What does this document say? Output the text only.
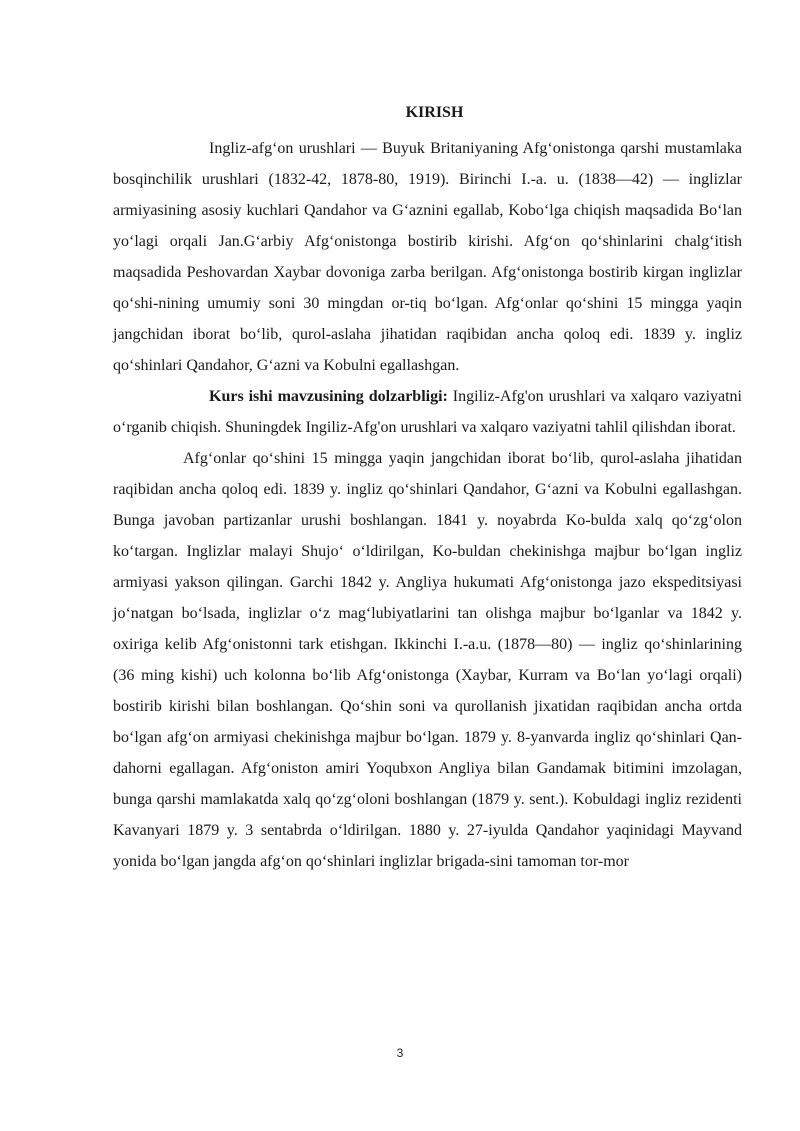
KIRISH

Ingliz-afg‘on urushlari — Buyuk Britaniyaning Afg‘onistonga qarshi mustamlaka bosqinchilik urushlari (1832-42, 1878-80, 1919). Birinchi I.-a. u. (1838—42) — inglizlar armiyasining asosiy kuchlari Qandahor va G‘aznini egallab, Kobo‘lga chiqish maqsadida Bo‘lan yo‘lagi orqali Jan.G‘arbiy Afg‘onistonga bostirib kirishi. Afg‘on qo‘shinlarini chalg‘itish maqsadida Peshovardan Xaybar dovoniga zarba berilgan. Afg‘onistonga bostirib kirgan inglizlar qo‘shi-nining umumiy soni 30 mingdan or-tiq bo‘lgan. Afg‘onlar qo‘shini 15 mingga yaqin jangchidan iborat bo‘lib, qurol-aslaha jihatidan raqibidan ancha qoloq edi. 1839 y. ingliz qo‘shinlari Qandahor, G‘azni va Kobulni egallashgan.

Kurs ishi mavzusining dolzarbligi: Ingiliz-Afg'on urushlari va xalqaro vaziyatni o‘rganib chiqish. Shuningdek Ingiliz-Afg'on urushlari va xalqaro vaziyatni tahlil qilishdan iborat.

Afg‘onlar qo‘shini 15 mingga yaqin jangchidan iborat bo‘lib, qurol-aslaha jihatidan raqibidan ancha qoloq edi. 1839 y. ingliz qo‘shinlari Qandahor, G‘azni va Kobulni egallashgan. Bunga javoban partizanlar urushi boshlangan. 1841 y. noyabrda Ko-bulda xalq qo‘zg‘olon ko‘targan. Inglizlar malayi Shujo‘ o‘ldirilgan, Ko-buldan chekinishga majbur bo‘lgan ingliz armiyasi yakson qilingan. Garchi 1842 y. Angliya hukumati Afg‘onistonga jazo ekspeditsiyasi jo‘natgan bo‘lsada, inglizlar o‘z mag‘lubiyatlarini tan olishga majbur bo‘lganlar va 1842 y. oxiriga kelib Afg‘onistonni tark etishgan. Ikkinchi I.-a.u. (1878—80) — ingliz qo‘shinlarining (36 ming kishi) uch kolonna bo‘lib Afg‘onistonga (Xaybar, Kurram va Bo‘lan yo‘lagi orqali) bostirib kirishi bilan boshlangan. Qo‘shin soni va qurollanish jixatidan raqibidan ancha ortda bo‘lgan afg‘on armiyasi chekinishga majbur bo‘lgan. 1879 y. 8-yanvarda ingliz qo‘shinlari Qan-dahorni egallagan. Afg‘oniston amiri Yoqubxon Angliya bilan Gandamak bitimini imzolagan, bunga qarshi mamlakatda xalq qo‘zg‘oloni boshlangan (1879 y. sent.). Kobuldagi ingliz rezidenti Kavanyari 1879 y. 3 sentabrda o‘ldirilgan. 1880 y. 27-iyulda Qandahor yaqinidagi Mayvand yonida bo‘lgan jangda afg‘on qo‘shinlari inglizlar brigada-sini tamoman tor-mor

3
